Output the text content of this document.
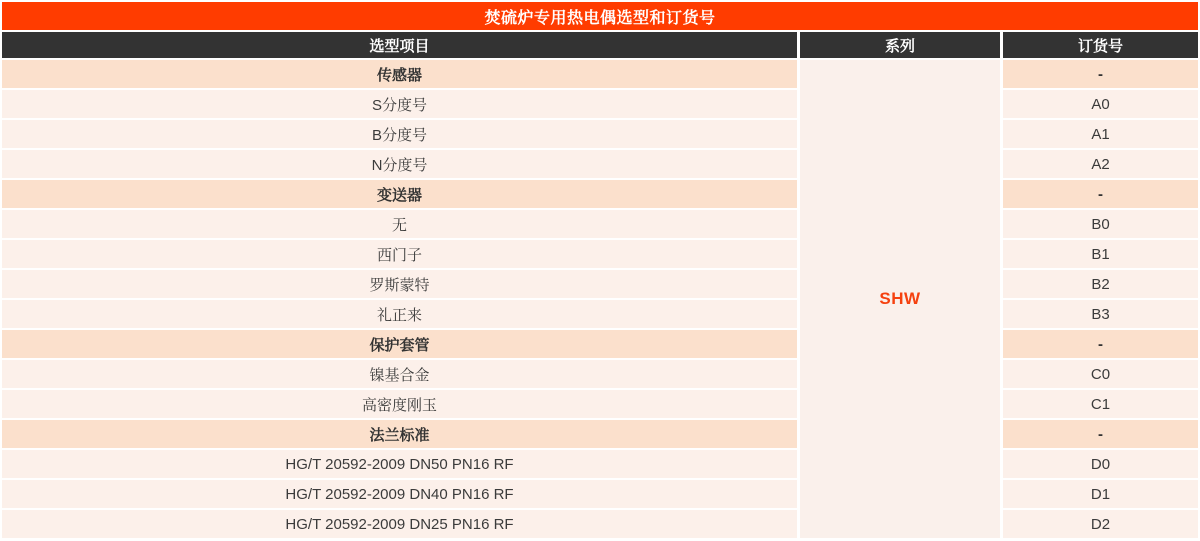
焚硫炉专用热电偶选型和订货号
选型项目	系列	订货号
SHW
传感器	-
S分度号	A0
B分度号	A1
N分度号	A2
变送器	-
无	B0
西门子	B1
罗斯蒙特	B2
礼正来	B3
保护套管	-
镍基合金	C0
高密度刚玉	C1
法兰标准	-
HG/T 20592-2009 DN50 PN16 RF	D0
HG/T 20592-2009 DN40 PN16 RF	D1
HG/T 20592-2009 DN25 PN16 RF	D2
